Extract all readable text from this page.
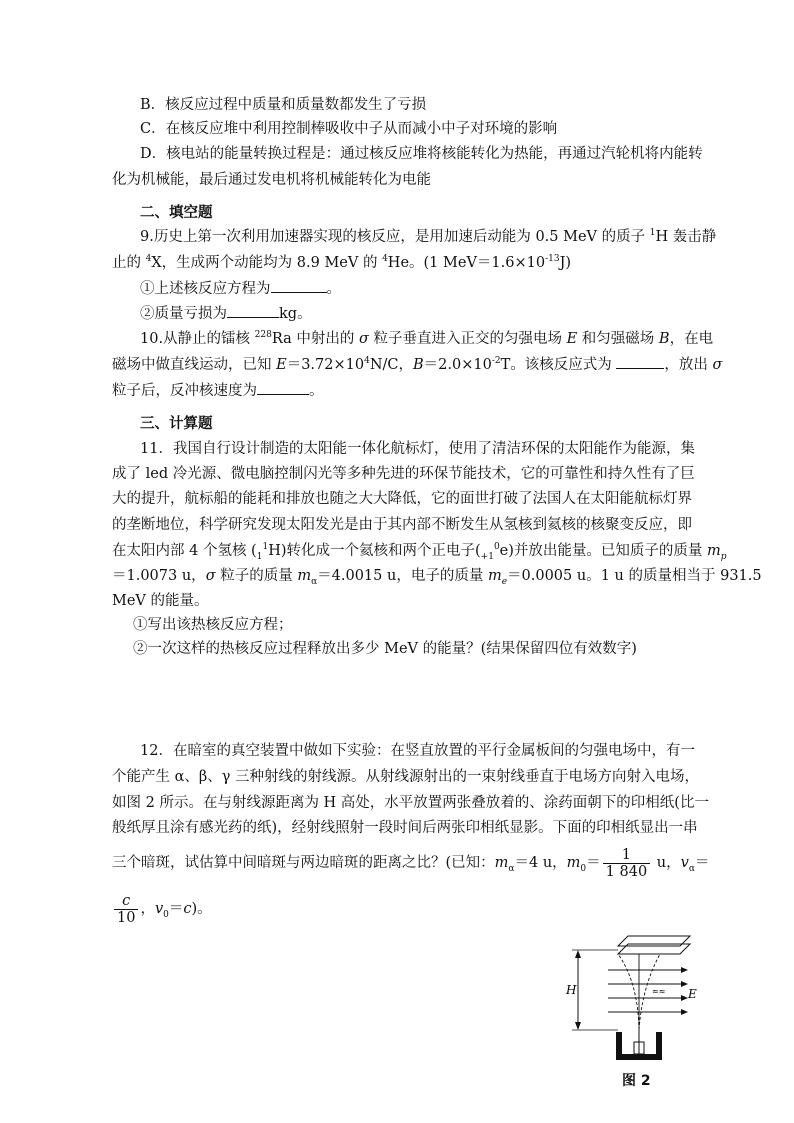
B．核反应过程中质量和质量数都发生了亏损
C．在核反应堆中利用控制棒吸收中子从而减小中子对环境的影响
D．核电站的能量转换过程是：通过核反应堆将核能转化为热能，再通过汽轮机将内能转
化为机械能，最后通过发电机将机械能转化为电能
二、填空题
9.历史上第一次利用加速器实现的核反应，是用加速后动能为 0.5 MeV 的质子 $^1$H 轰击静
止的 $^4$X，生成两个动能均为 8.9 MeV 的 $^4$He。(1 $MeV=1.6\times 10^{-13}J$)
①上述核反应方程为	。
②质量亏损为	kg。
10.从静止的镭核 $^{228}$Ra 中射出的 σ 粒子垂直进入正交的匀强电场 E 和匀强磁场 B，在电
磁场中做直线运动，已知 $E=3.72\times 10^4N/C$，$B=2.0\times 10^{-2}T$。该核反应式为	，放出 σ
粒子后，反冲核速度为	。
三、计算题
11．我国自行设计制造的太阳能一体化航标灯，使用了清洁环保的太阳能作为能源，集
成了 led 冷光源、微电脑控制闪光等多种先进的环保节能技术，它的可靠性和持久性有了巨
大的提升，航标船的能耗和排放也随之大大降低，它的面世打破了法国人在太阳能航标灯界
的垄断地位，科学研究发现太阳发光是由于其内部不断发生从氢核到氦核的核聚变反应，即
在太阳内部 4 个氢核 $(_1^1H)$转化成一个氦核和两个正电子$(_{+1}^0e)$并放出能量。已知质子的质量 $m_p$
＝1.0073 u，σ 粒子的质量 $m_\alpha=4.0015$ u，电子的质量 $m_e=0.0005$ u。1 u 的质量相当于 931.5
MeV 的能量。
①写出该热核反应方程；
②一次这样的热核反应过程释放出多少 MeV 的能量？(结果保留四位有效数字)
12．在暗室的真空装置中做如下实验：在竖直放置的平行金属板间的匀强电场中，有一
个能产生 α、β、γ 三种射线的射线源。从射线源射出的一束射线垂直于电场方向射入电场，
如图 2 所示。在与射线源距离为 H 高处，水平放置两张叠放着的、涂药面朝下的印相纸(比一
般纸厚且涂有感光药的纸)，经射线照射一段时间后两张印相纸显影。下面的印相纸显出一串
三个暗斑，试估算中间暗斑与两边暗斑的距离之比？(已知：$m_\alpha=4$ u，$m_0= \frac{1}{1 840}$ u，$v_\alpha=$
$\frac{c}{10}$ ，$v_0=c$)。
H	E
≈≈
图 2
